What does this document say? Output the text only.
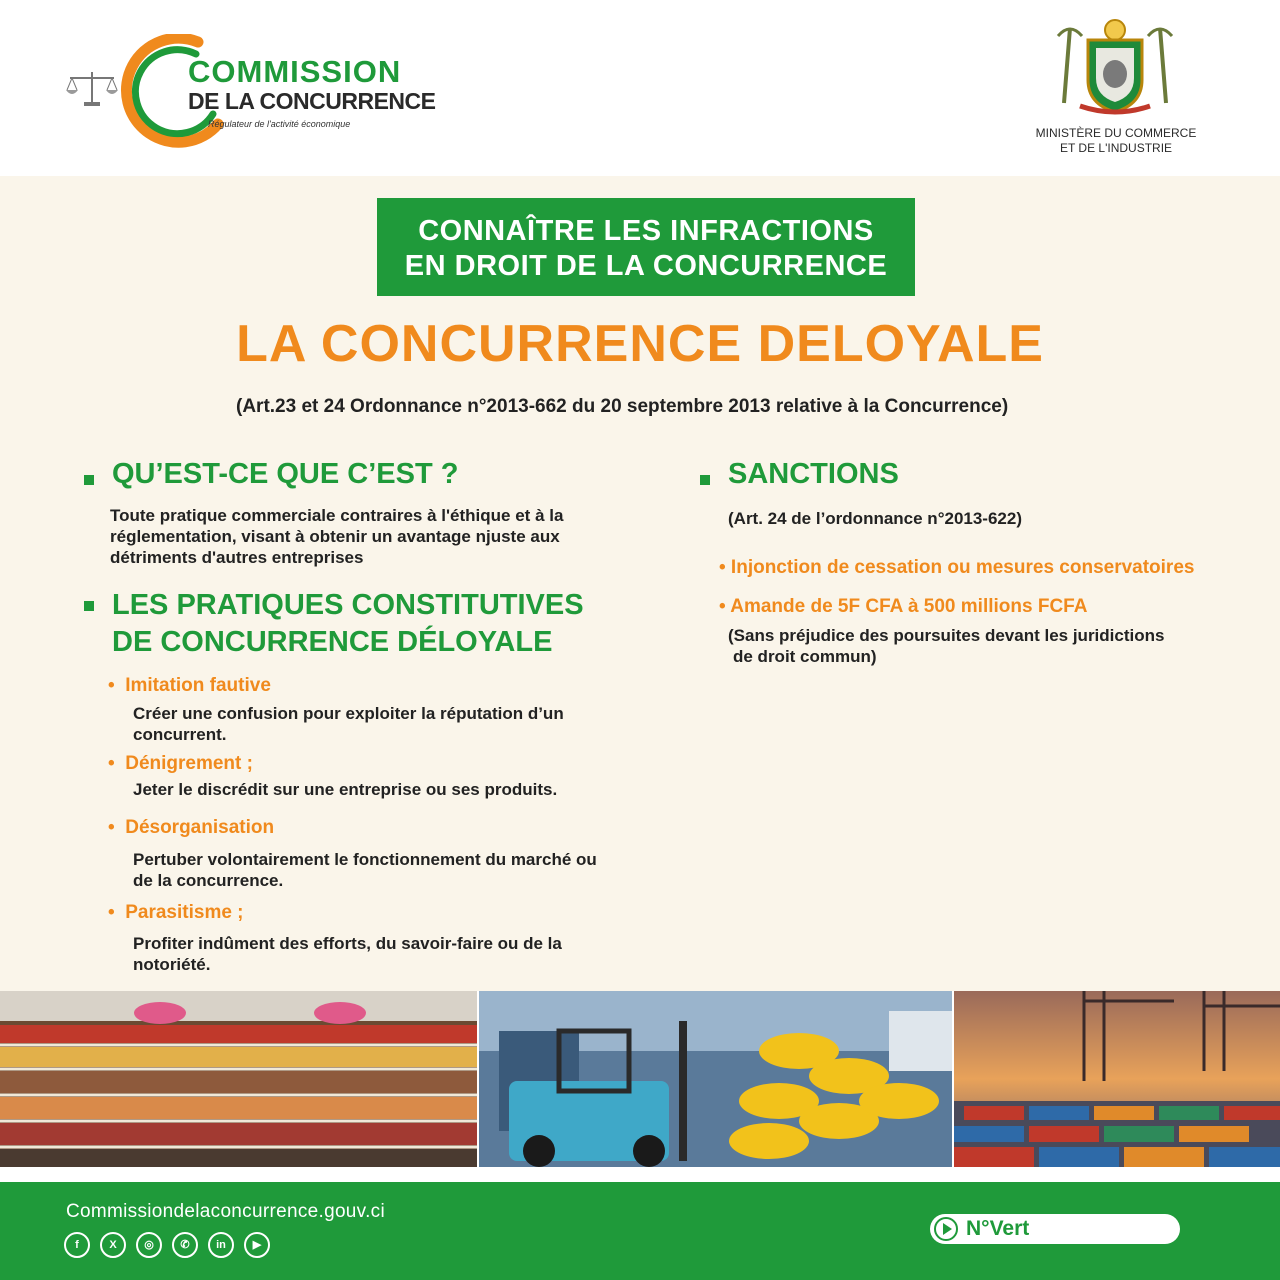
COMMISSION
DE LA CONCURRENCE
Régulateur de l'activité économique
MINISTÈRE DU COMMERCE
ET DE L'INDUSTRIE
CONNAÎTRE LES INFRACTIONS
EN DROIT DE LA CONCURRENCE
LA CONCURRENCE DELOYALE
(Art.23 et 24 Ordonnance n°2013-662 du 20 septembre 2013 relative à la Concurrence)
QU’EST-CE QUE C’EST ?
Toute pratique commerciale contraires à l'éthique et à la
réglementation, visant à obtenir un avantage njuste aux
détriments d'autres entreprises
LES PRATIQUES CONSTITUTIVES
DE CONCURRENCE DÉLOYALE
•  Imitation fautive
Créer une confusion pour exploiter la réputation d’un
concurrent.
•  Dénigrement ;
Jeter le discrédit sur une entreprise ou ses produits.
•  Désorganisation
Pertuber volontairement le fonctionnement du marché ou
de la concurrence.
•  Parasitisme ;
Profiter indûment des efforts, du savoir-faire ou de la
notoriété.
SANCTIONS
(Art. 24 de l’ordonnance n°2013-622)
• Injonction de cessation ou mesures conservatoires
• Amande de 5F CFA à 500 millions FCFA
(Sans préjudice des poursuites devant les juridictions
de droit commun)
Commissiondelaconcurrence.gouv.ci
f	X	◎	✆	in	▶
N°Vert
